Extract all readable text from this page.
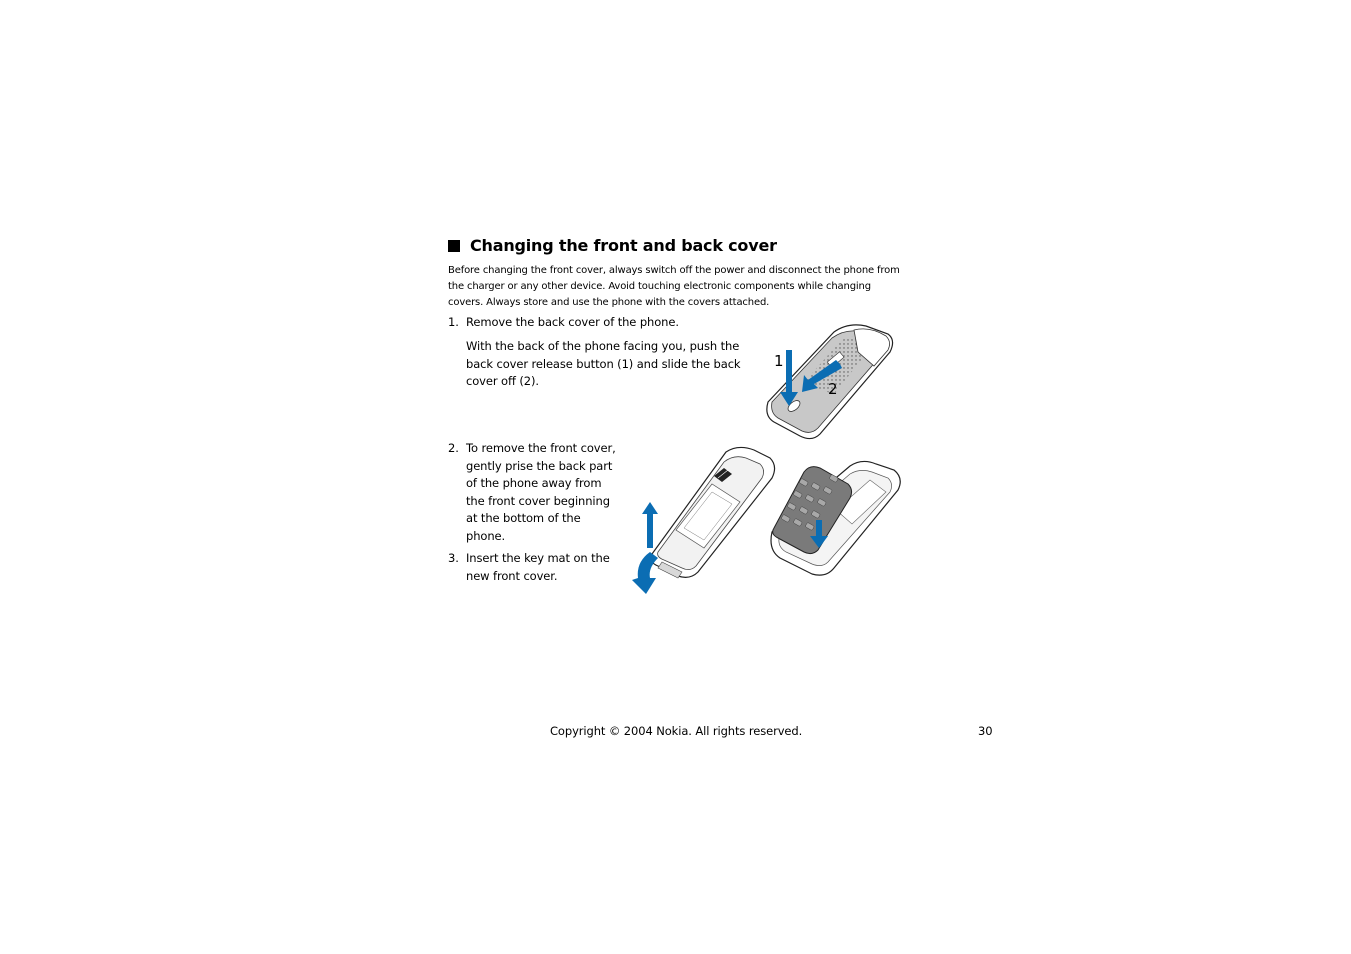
Changing the front and back cover
Before changing the front cover, always switch off the power and disconnect the phone from the charger or any other device. Avoid touching electronic components while changing covers. Always store and use the phone with the covers attached.
1. Remove the back cover of the phone.
With the back of the phone facing you, push the back cover release button (1) and slide the back cover off (2).
1
2
2. To remove the front cover, gently prise the back part of the phone away from the front cover beginning at the bottom of the phone.
3. Insert the key mat on the new front cover.
Copyright © 2004 Nokia. All rights reserved.	30
